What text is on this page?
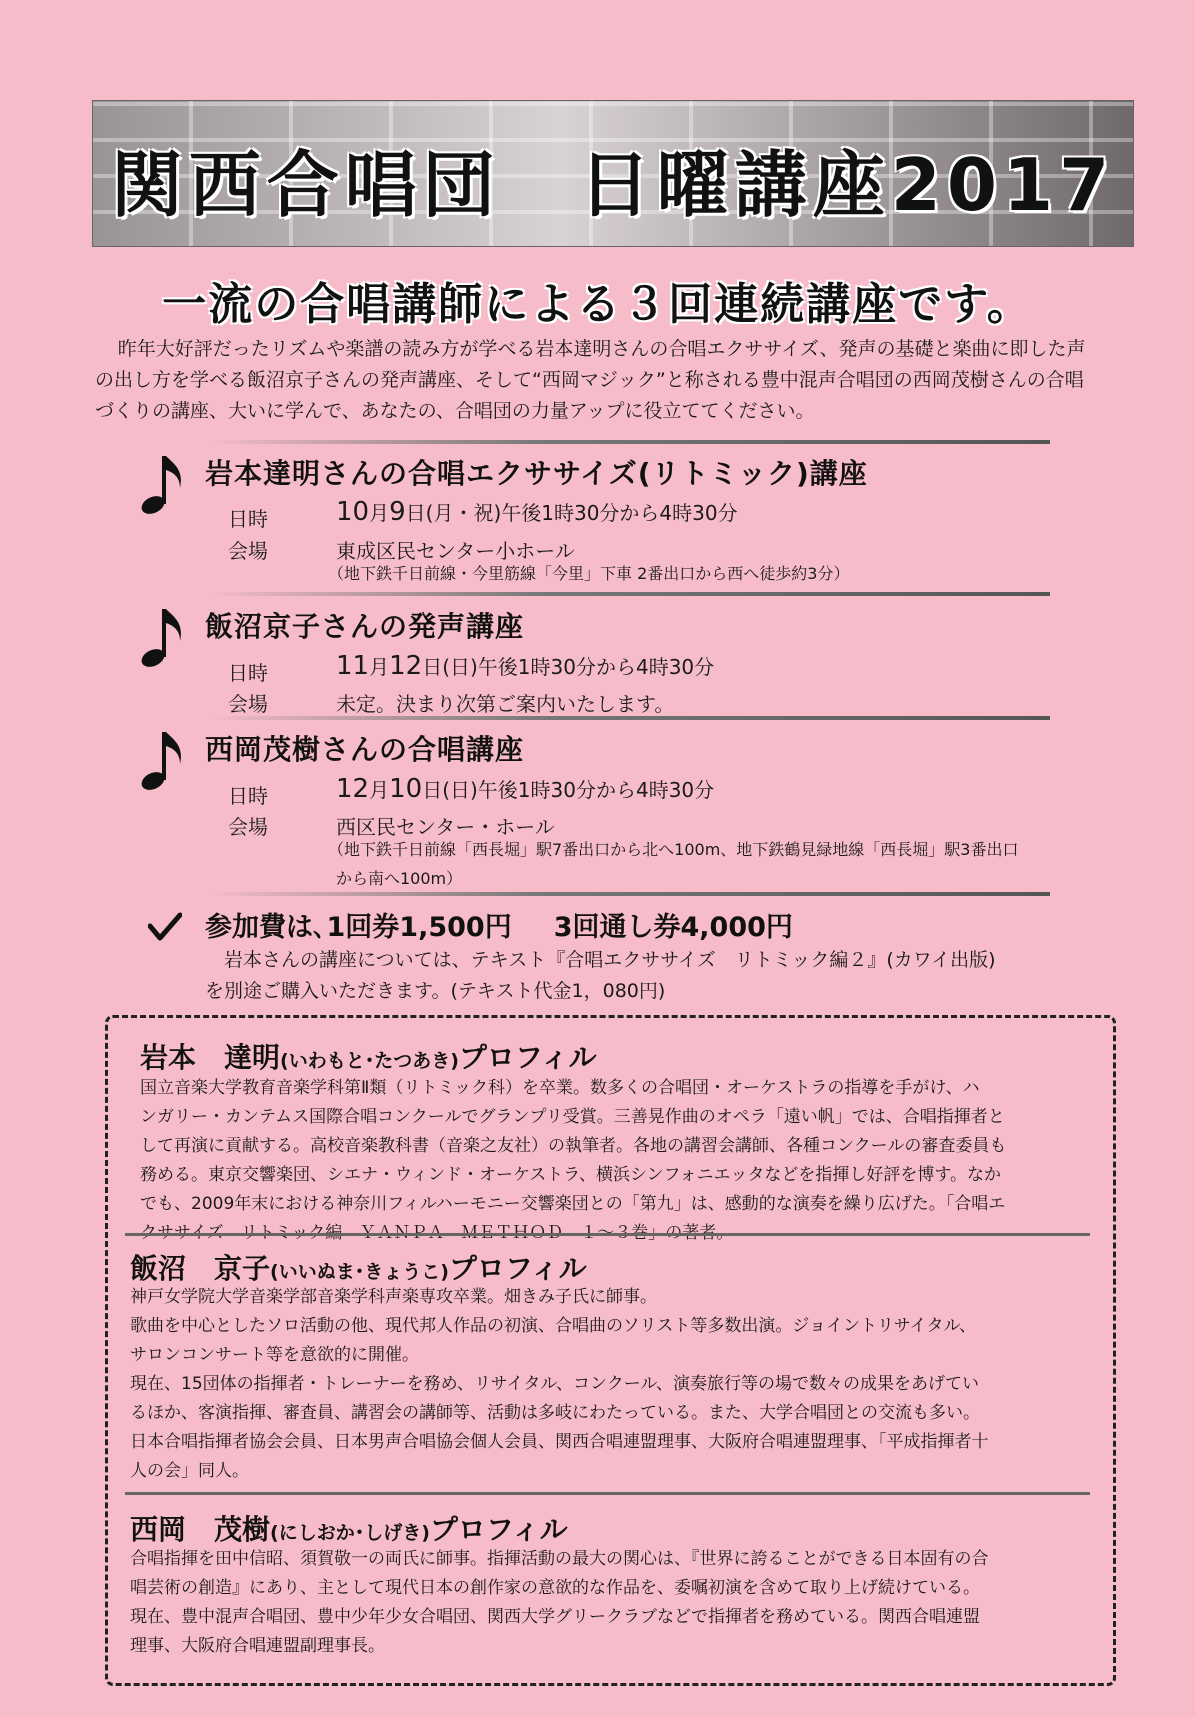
関西合唱団　日曜講座2017
一流の合唱講師による３回連続講座です。
昨年大好評だったリズムや楽譜の読み方が学べる岩本達明さんの合唱エクササイズ、発声の基礎と楽曲に即した声の出し方を学べる飯沼京子さんの発声講座、そして“西岡マジック”と称される豊中混声合唱団の西岡茂樹さんの合唱づくりの講座、大いに学んで、あなたの、合唱団の力量アップに役立ててください。
岩本達明さんの合唱エクササイズ(リトミック)講座
日時	10月9日(月・祝)午後1時30分から4時30分
会場	東成区民センター小ホール
（地下鉄千日前線・今里筋線「今里」下車 2番出口から西へ徒歩約3分）
飯沼京子さんの発声講座
日時	11月12日(日)午後1時30分から4時30分
会場	未定。決まり次第ご案内いたします。
西岡茂樹さんの合唱講座
日時	12月10日(日)午後1時30分から4時30分
会場	西区民センター・ホール
（地下鉄千日前線「西長堀」駅7番出口から北へ100m、地下鉄鶴見緑地線「西長堀」駅3番出口
から南へ100m）
参加費は､1回券1,500円 3回通し券4,000円
岩本さんの講座については、テキスト『合唱エクササイズ　リトミック編２』(カワイ出版)
を別途ご購入いただきます。(テキスト代金1，080円)
岩本　達明(いわもと･たつあき)プロフィル
国立音楽大学教育音楽学科第Ⅱ類（リトミック科）を卒業。数多くの合唱団・オーケストラの指導を手がけ、ハ
ンガリー・カンテムス国際合唱コンクールでグランプリ受賞。三善晃作曲のオペラ「遠い帆」では、合唱指揮者と
して再演に貢献する。高校音楽教科書（音楽之友社）の執筆者。各地の講習会講師、各種コンクールの審査委員も
務める。東京交響楽団、シエナ・ウィンド・オーケストラ、横浜シンフォニエッタなどを指揮し好評を博す。なか
でも、2009年末における神奈川フィルハーモニー交響楽団との「第九」は、感動的な演奏を繰り広げた。「合唱エ
飯沼　京子(いいぬま･きょうこ)プロフィル
神戸女学院大学音楽学部音楽学科声楽専攻卒業。畑きみ子氏に師事。
歌曲を中心としたソロ活動の他、現代邦人作品の初演、合唱曲のソリスト等多数出演。ジョイントリサイタル、
サロンコンサート等を意欲的に開催。
現在、15団体の指揮者・トレーナーを務め、リサイタル、コンクール、演奏旅行等の場で数々の成果をあげてい
るほか、客演指揮、審査員、講習会の講師等、活動は多岐にわたっている。また、大学合唱団との交流も多い。
日本合唱指揮者協会会員、日本男声合唱協会個人会員、関西合唱連盟理事、大阪府合唱連盟理事、「平成指揮者十
人の会」同人。
西岡　茂樹(にしおか･しげき)プロフィル
合唱指揮を田中信昭、須賀敬一の両氏に師事。指揮活動の最大の関心は、『世界に誇ることができる日本固有の合
唱芸術の創造』にあり、主として現代日本の創作家の意欲的な作品を、委嘱初演を含めて取り上げ続けている。
現在、豊中混声合唱団、豊中少年少女合唱団、関西大学グリークラブなどで指揮者を務めている。関西合唱連盟
理事、大阪府合唱連盟副理事長。
